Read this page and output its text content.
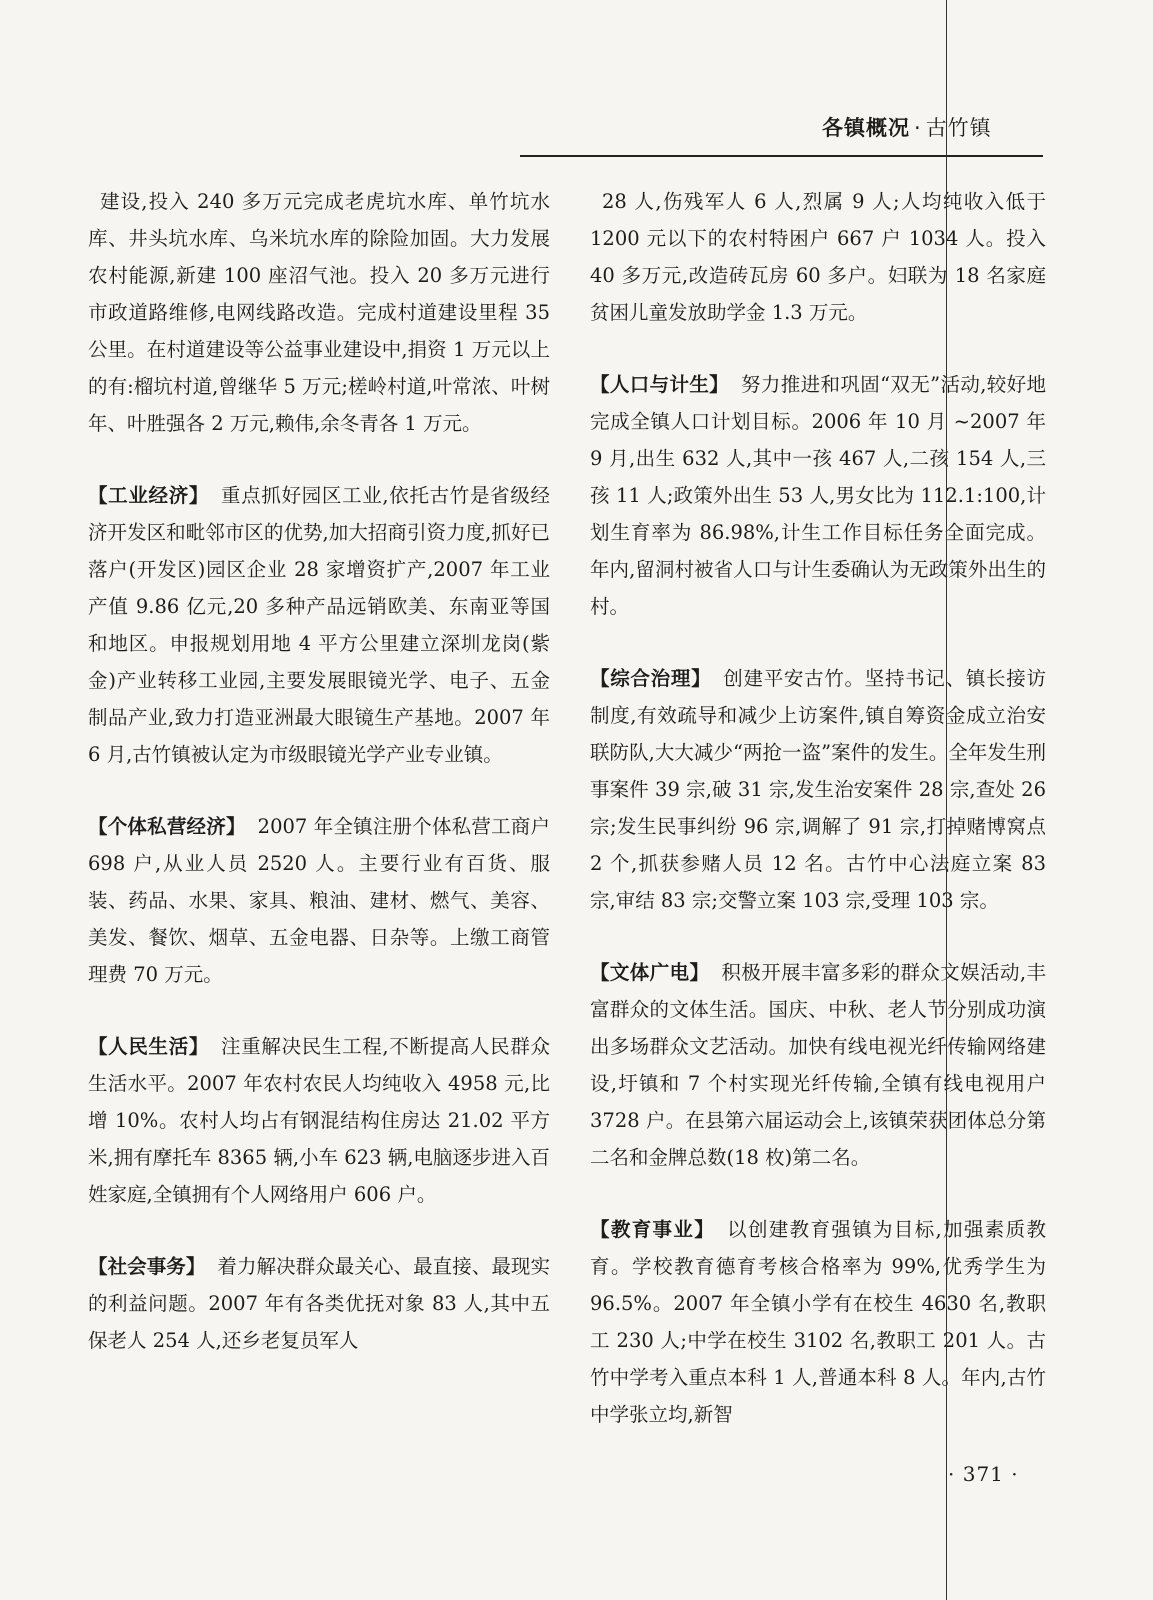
各镇概况 · 古竹镇

建设,投入 240 多万元完成老虎坑水库、单竹坑水库、井头坑水库、乌米坑水库的除险加固。大力发展农村能源,新建 100 座沼气池。投入 20 多万元进行市政道路维修,电网线路改造。完成村道建设里程 35 公里。在村道建设等公益事业建设中,捐资 1 万元以上的有:榴坑村道,曾继华 5 万元;槎岭村道,叶常浓、叶树年、叶胜强各 2 万元,赖伟,余冬青各 1 万元。

【工业经济】 重点抓好园区工业,依托古竹是省级经济开发区和毗邻市区的优势,加大招商引资力度,抓好已落户(开发区)园区企业 28 家增资扩产,2007 年工业产值 9.86 亿元,20 多种产品远销欧美、东南亚等国和地区。申报规划用地 4 平方公里建立深圳龙岗(紫金)产业转移工业园,主要发展眼镜光学、电子、五金制品产业,致力打造亚洲最大眼镜生产基地。2007 年 6 月,古竹镇被认定为市级眼镜光学产业专业镇。

【个体私营经济】 2007 年全镇注册个体私营工商户 698 户,从业人员 2520 人。主要行业有百货、服装、药品、水果、家具、粮油、建材、燃气、美容、美发、餐饮、烟草、五金电器、日杂等。上缴工商管理费 70 万元。

【人民生活】 注重解决民生工程,不断提高人民群众生活水平。2007 年农村农民人均纯收入 4958 元,比增 10%。农村人均占有钢混结构住房达 21.02 平方米,拥有摩托车 8365 辆,小车 623 辆,电脑逐步进入百姓家庭,全镇拥有个人网络用户 606 户。

【社会事务】 着力解决群众最关心、最直接、最现实的利益问题。2007 年有各类优抚对象 83 人,其中五保老人 254 人,还乡老复员军人

28 人,伤残军人 6 人,烈属 9 人;人均纯收入低于 1200 元以下的农村特困户 667 户 1034 人。投入 40 多万元,改造砖瓦房 60 多户。妇联为 18 名家庭贫困儿童发放助学金 1.3 万元。

【人口与计生】 努力推进和巩固“双无”活动,较好地完成全镇人口计划目标。2006 年 10 月 ~2007 年 9 月,出生 632 人,其中一孩 467 人,二孩 154 人,三孩 11 人;政策外出生 53 人,男女比为 112.1:100,计划生育率为 86.98%,计生工作目标任务全面完成。年内,留洞村被省人口与计生委确认为无政策外出生的村。

【综合治理】 创建平安古竹。坚持书记、镇长接访制度,有效疏导和减少上访案件,镇自筹资金成立治安联防队,大大减少“两抢一盗”案件的发生。全年发生刑事案件 39 宗,破 31 宗,发生治安案件 28 宗,查处 26 宗;发生民事纠纷 96 宗,调解了 91 宗,打掉赌博窝点 2 个,抓获参赌人员 12 名。古竹中心法庭立案 83 宗,审结 83 宗;交警立案 103 宗,受理 103 宗。

【文体广电】 积极开展丰富多彩的群众文娱活动,丰富群众的文体生活。国庆、中秋、老人节分别成功演出多场群众文艺活动。加快有线电视光纤传输网络建设,圩镇和 7 个村实现光纤传输,全镇有线电视用户 3728 户。在县第六届运动会上,该镇荣获团体总分第二名和金牌总数(18 枚)第二名。

【教育事业】 以创建教育强镇为目标,加强素质教育。学校教育德育考核合格率为 99%,优秀学生为 96.5%。2007 年全镇小学有在校生 4630 名,教职工 230 人;中学在校生 3102 名,教职工 201 人。古竹中学考入重点本科 1 人,普通本科 8 人。年内,古竹中学张立均,新智

· 371 ·
